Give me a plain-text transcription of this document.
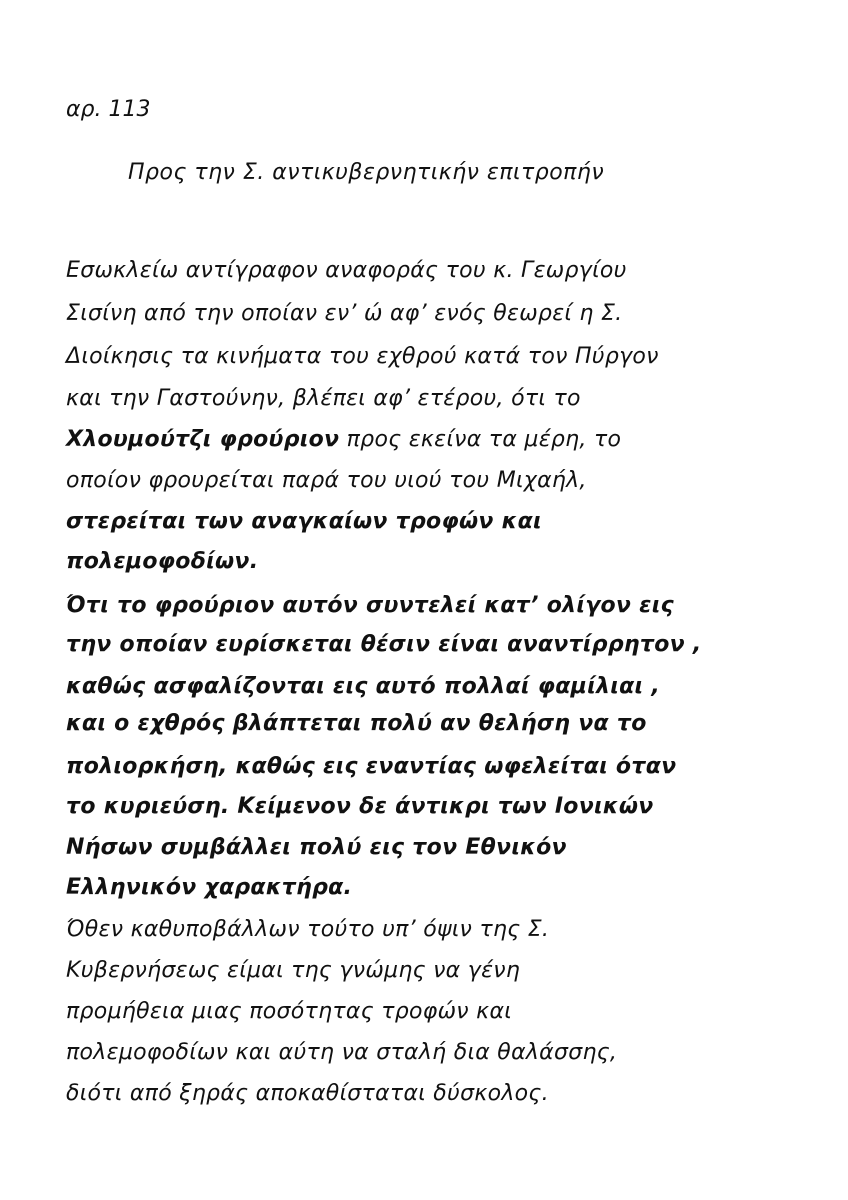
αρ. 113
Προς την Σ. αντικυβερνητικήν επιτροπήν
Εσωκλείω αντίγραφον αναφοράς του κ. Γεωργίου
Σισίνη από την οποίαν εν’ ώ αφ’ ενός θεωρεί η Σ.
Διοίκησις τα κινήματα του εχθρού κατά τον Πύργον
και την Γαστούνην, βλέπει αφ’ ετέρου, ότι το
Χλουμούτζι φρούριον προς εκείνα τα μέρη, το
οποίον φρουρείται παρά του υιού του Μιχαήλ,
στερείται των αναγκαίων τροφών και
πολεμοφοδίων.
Ότι το φρούριον αυτόν συντελεί κατ’ ολίγον εις
την οποίαν ευρίσκεται θέσιν είναι αναντίρρητον ,
καθώς ασφαλίζονται εις αυτό πολλαί φαμίλιαι ,
και ο εχθρός βλάπτεται πολύ αν θελήση να το
πολιορκήση, καθώς εις εναντίας ωφελείται όταν
το κυριεύση. Κείμενον δε άντικρι των Ιονικών
Νήσων συμβάλλει πολύ εις τον Εθνικόν
Ελληνικόν χαρακτήρα.
Όθεν καθυποβάλλων τούτο υπ’ όψιν της Σ.
Κυβερνήσεως είμαι της γνώμης να γένη
προμήθεια μιας ποσότητας τροφών και
πολεμοφοδίων και αύτη να σταλή δια θαλάσσης,
διότι από ξηράς αποκαθίσταται δύσκολος.
